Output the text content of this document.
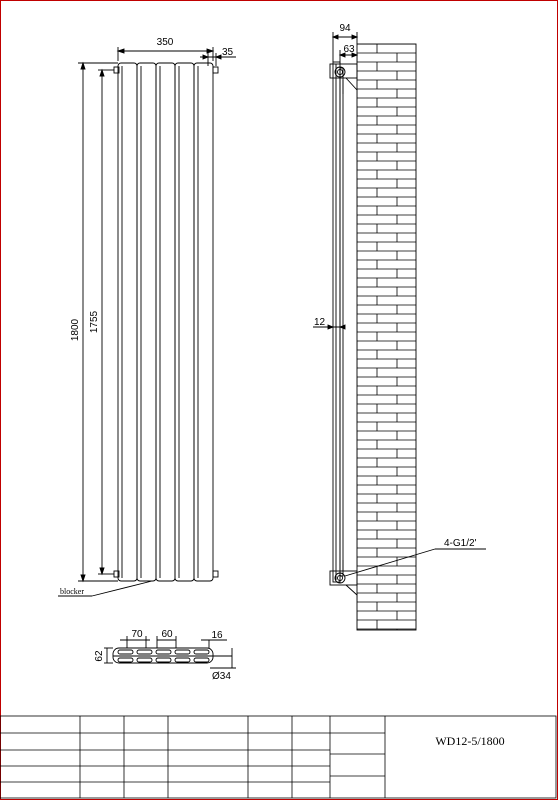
350
35
1800 1755
blocker
94
63
12
4-G1/2'
70 60	16
62
Ø34
WD12-5/1800
